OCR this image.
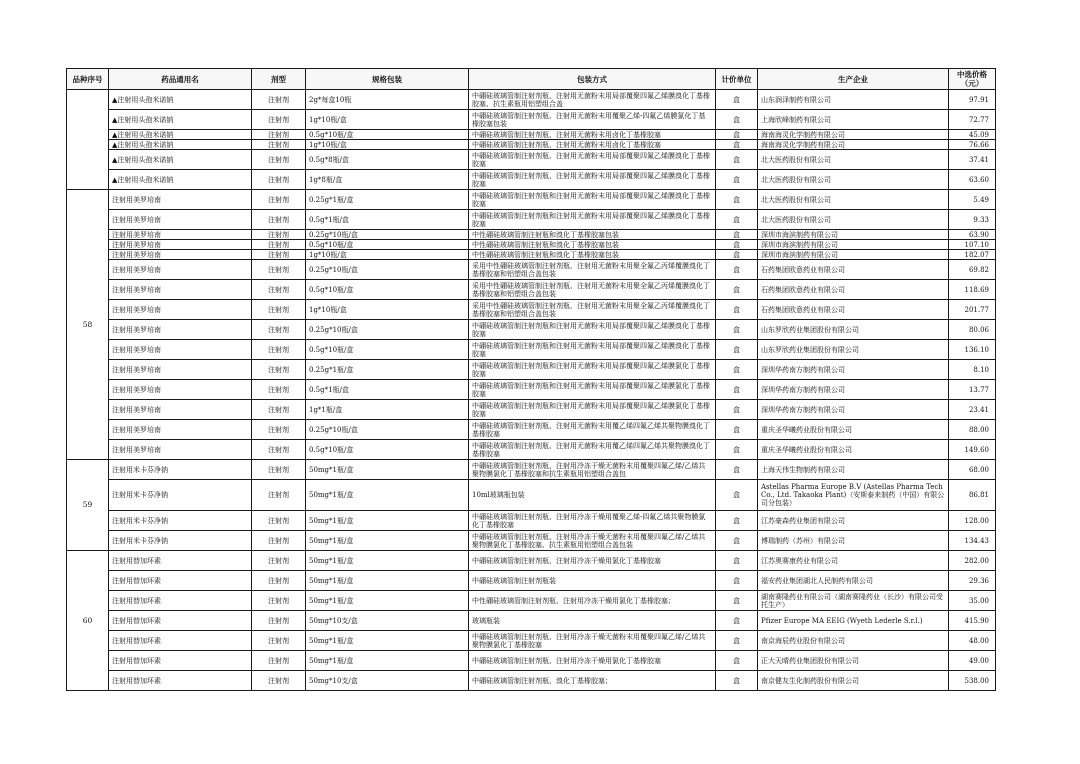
品种序号	药品通用名	剂型	规格包装	包装方式	计价单位	生产企业	中选价格（元）
	▲注射用头孢米诺钠	注射剂	2g*每盒10瓶	中硼硅玻璃管制注射剂瓶、注射用无菌粉末用局部覆聚四氟乙烯膜溴化丁基橡胶塞、抗生素瓶用铝塑组合盖	盒	山东润泽制药有限公司	97.91
	▲注射用头孢米诺钠	注射剂	1g*10瓶/盒	中硼硅玻璃管制注射剂瓶、注射用无菌粉末用覆聚乙烯-四氟乙烯膜氯化丁基橡胶塞包装	盒	上海欣峰制药有限公司	72.77
	▲注射用头孢米诺钠	注射剂	0.5g*10瓶/盒	中硼硅玻璃管制注射剂瓶、注射用无菌粉末用卤化丁基橡胶塞	盒	海南海灵化学制药有限公司	45.09
	▲注射用头孢米诺钠	注射剂	1g*10瓶/盒	中硼硅玻璃管制注射剂瓶、注射用无菌粉末用卤化丁基橡胶塞	盒	海南海灵化学制药有限公司	76.66
	▲注射用头孢米诺钠	注射剂	0.5g*8瓶/盒	中硼硅玻璃管制注射剂瓶、注射用无菌粉末用局部覆聚四氟乙烯膜溴化丁基橡胶塞	盒	北大医药股份有限公司	37.41
	▲注射用头孢米诺钠	注射剂	1g*8瓶/盒	中硼硅玻璃管制注射剂瓶、注射用无菌粉末用局部覆聚四氟乙烯膜溴化丁基橡胶塞	盒	北大医药股份有限公司	63.60
58	注射用美罗培南	注射剂	0.25g*1瓶/盒	中硼硅玻璃管制注射剂瓶和注射用无菌粉末用局部覆聚四氟乙烯膜溴化丁基橡胶塞	盒	北大医药股份有限公司	5.49
	注射用美罗培南	注射剂	0.5g*1瓶/盒	中硼硅玻璃管制注射剂瓶和注射用无菌粉末用局部覆聚四氟乙烯膜溴化丁基橡胶塞	盒	北大医药股份有限公司	9.33
	注射用美罗培南	注射剂	0.25g*10瓶/盒	中性硼硅玻璃管制注射瓶和溴化丁基橡胶塞包装	盒	深圳市海滨制药有限公司	63.90
	注射用美罗培南	注射剂	0.5g*10瓶/盒	中性硼硅玻璃管制注射瓶和溴化丁基橡胶塞包装	盒	深圳市海滨制药有限公司	107.10
	注射用美罗培南	注射剂	1g*10瓶/盒	中性硼硅玻璃管制注射瓶和溴化丁基橡胶塞包装	盒	深圳市海滨制药有限公司	182.07
	注射用美罗培南	注射剂	0.25g*10瓶/盒	采用中性硼硅玻璃管制注射剂瓶、注射用无菌粉末用聚全氟乙丙烯覆膜溴化丁基橡胶塞和铝塑组合盖包装	盒	石药集团欧意药业有限公司	69.82
	注射用美罗培南	注射剂	0.5g*10瓶/盒	采用中性硼硅玻璃管制注射剂瓶、注射用无菌粉末用聚全氟乙丙烯覆膜溴化丁基橡胶塞和铝塑组合盖包装	盒	石药集团欧意药业有限公司	118.69
	注射用美罗培南	注射剂	1g*10瓶/盒	采用中性硼硅玻璃管制注射剂瓶、注射用无菌粉末用聚全氟乙丙烯覆膜溴化丁基橡胶塞和铝塑组合盖包装	盒	石药集团欧意药业有限公司	201.77
	注射用美罗培南	注射剂	0.25g*10瓶/盒	中硼硅玻璃管制注射剂瓶和注射用无菌粉末用局部覆聚四氟乙烯膜溴化丁基橡胶塞	盒	山东罗欣药业集团股份有限公司	80.06
	注射用美罗培南	注射剂	0.5g*10瓶/盒	中硼硅玻璃管制注射剂瓶和注射用无菌粉末用局部覆聚四氟乙烯膜溴化丁基橡胶塞	盒	山东罗欣药业集团股份有限公司	136.10
	注射用美罗培南	注射剂	0.25g*1瓶/盒	中硼硅玻璃管制注射剂瓶和注射用无菌粉末用局部覆聚四氟乙烯膜氯化丁基橡胶塞	盒	深圳华药南方制药有限公司	8.10
	注射用美罗培南	注射剂	0.5g*1瓶/盒	中硼硅玻璃管制注射剂瓶和注射用无菌粉末用局部覆聚四氟乙烯膜氯化丁基橡胶塞	盒	深圳华药南方制药有限公司	13.77
	注射用美罗培南	注射剂	1g*1瓶/盒	中硼硅玻璃管制注射剂瓶和注射用无菌粉末用局部覆聚四氟乙烯膜氯化丁基橡胶塞	盒	深圳华药南方制药有限公司	23.41
	注射用美罗培南	注射剂	0.25g*10瓶/盒	中硼硅玻璃管制注射剂瓶、注射用无菌粉末用覆乙烯四氟乙烯共聚物膜溴化丁基橡胶塞	盒	重庆圣华曦药业股份有限公司	88.00
	注射用美罗培南	注射剂	0.5g*10瓶/盒	中硼硅玻璃管制注射剂瓶、注射用无菌粉末用覆乙烯四氟乙烯共聚物膜溴化丁基橡胶塞	盒	重庆圣华曦药业股份有限公司	149.60
59	注射用米卡芬净钠	注射剂	50mg*1瓶/盒	中硼硅玻璃管制注射剂瓶、注射用冷冻干燥无菌粉末用覆聚四氟乙烯/乙烯共聚物膜氯化丁基橡胶塞和抗生素瓶用铝塑组合盖包	盒	上海天伟生物制药有限公司	68.00
	注射用米卡芬净钠	注射剂	50mg*1瓶/盒	10ml玻璃瓶包装	盒	Astellas Pharma Europe B.V (Astellas Pharma Tech Co., Ltd. Takaoka Plant)（安斯泰来制药（中国）有限公司分包装）	86.81
	注射用米卡芬净钠	注射剂	50mg*1瓶/盒	中硼硅玻璃管制注射剂瓶、注射用冷冻干燥用覆聚乙烯-四氟乙烯共聚物膜氯化丁基橡胶塞	盒	江苏豪森药业集团有限公司	128.00
	注射用米卡芬净钠	注射剂	50mg*1瓶/盒	中硼硅玻璃管制注射剂瓶、注射用冷冻干燥无菌粉末用覆聚四氟乙烯/乙烯共聚物膜氯化丁基橡胶塞、抗生素瓶用铝塑组合盖包装	盒	博瑞制药（苏州）有限公司	134.43
60	注射用替加环素	注射剂	50mg*1瓶/盒	中硼硅玻璃管制注射剂瓶、注射用冷冻干燥用氯化丁基橡胶塞	盒	江苏奥赛康药业有限公司	282.00
	注射用替加环素	注射剂	50mg*1瓶/盒	中硼硅玻璃管制注射剂瓶装	盒	福安药业集团湖北人民制药有限公司	29.36
	注射用替加环素	注射剂	50mg*1瓶/盒	中性硼硅玻璃管制注射剂瓶、注射用冷冻干燥用氯化丁基橡胶塞；	盒	湖南赛隆药业有限公司（湖南赛隆药业（长沙）有限公司受托生产）	35.00
	注射用替加环素	注射剂	50mg*10支/盒	玻璃瓶装	盒	Pfizer Europe MA EEIG (Wyeth Lederle S.r.l.)	415.90
	注射用替加环素	注射剂	50mg*1瓶/盒	中硼硅玻璃管制注射剂瓶、注射用冷冻干燥无菌粉末用覆聚四氟乙烯/乙烯共聚物膜氯化丁基橡胶塞	盒	南京海辰药业股份有限公司	48.00
	注射用替加环素	注射剂	50mg*1瓶/盒	中硼硅玻璃管制注射剂瓶、注射用冷冻干燥用氯化丁基橡胶塞	盒	正大天晴药业集团股份有限公司	49.00
	注射用替加环素	注射剂	50mg*10支/盒	中硼硅玻璃管制注射剂瓶、溴化丁基橡胶塞；	盒	南京健友生化制药股份有限公司	538.00
